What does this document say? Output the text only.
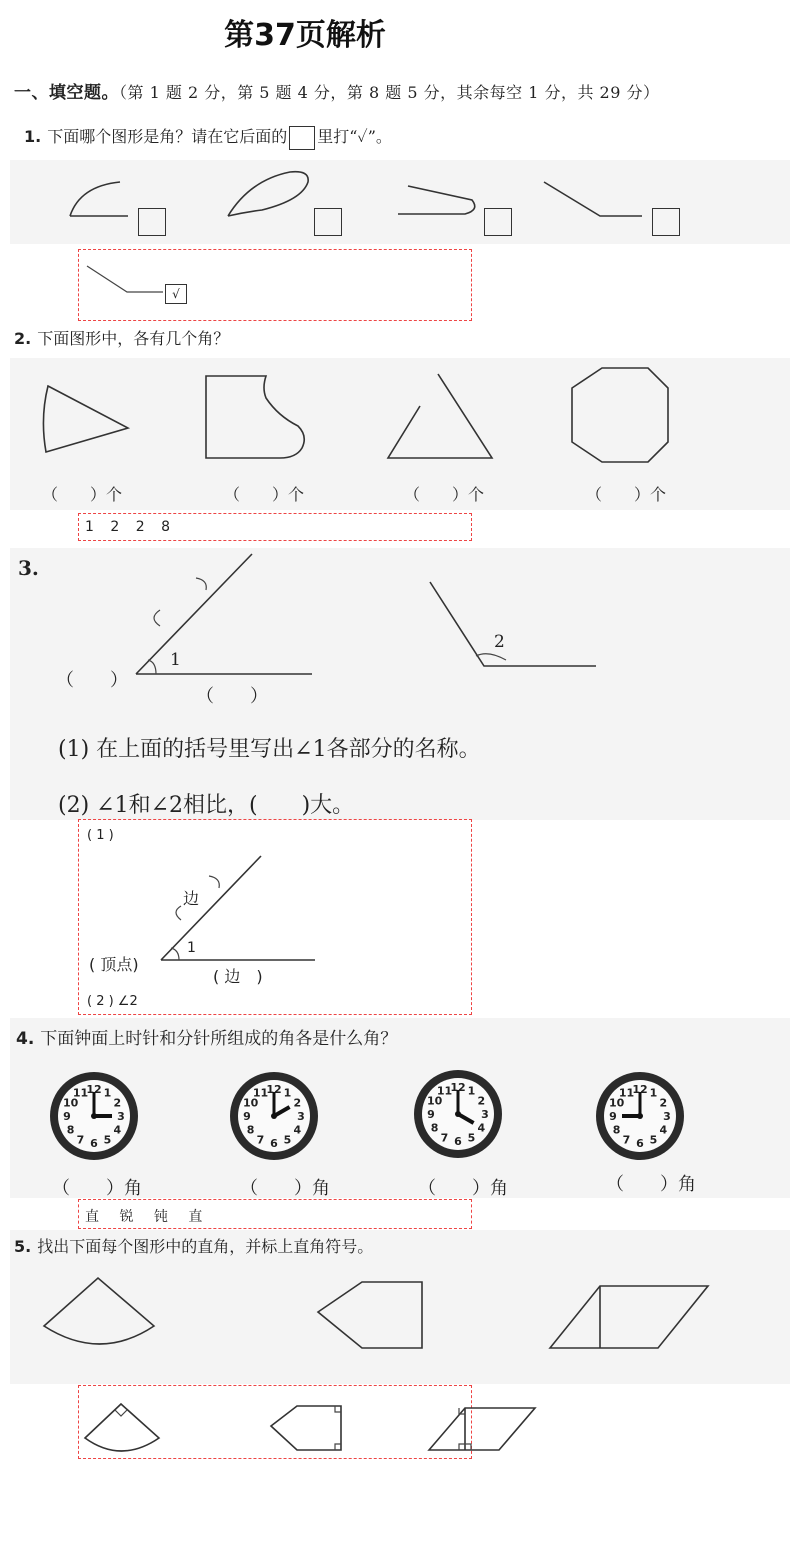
第37页解析
一、填空题。（第 1 题 2 分，第 5 题 4 分，第 8 题 5 分，其余每空 1 分，共 29 分）
1. 下面哪个图形是角？请在它后面的 里打“✓”。
√
2. 下面图形中，各有几个角？
（　　）个	（　　）个	（　　）个	（　　）个
1 2 2 8
3.
1
2
（　　）
（　　）
(1) 在上面的括号里写出∠1各部分的名称。
(2) ∠1和∠2相比，(　　)大。
( 1 )
边
1
( 顶点)
( 边　)
( 2 ) ∠2
4. 下面钟面上时针和分针所组成的角各是什么角？
12 1
2
3
4
5
6
7
8
9
10
11	12 1
2
3
4
5
6
7
8
9
10
11	12 1
2
3
4
5
6
7
8
9
10
11	12 1
2
3
4
5
6
7
8
9
10
11
（　　）角	（　　）角	（　　）角	（　　）角
直 锐 钝 直
5. 找出下面每个图形中的直角，并标上直角符号。
